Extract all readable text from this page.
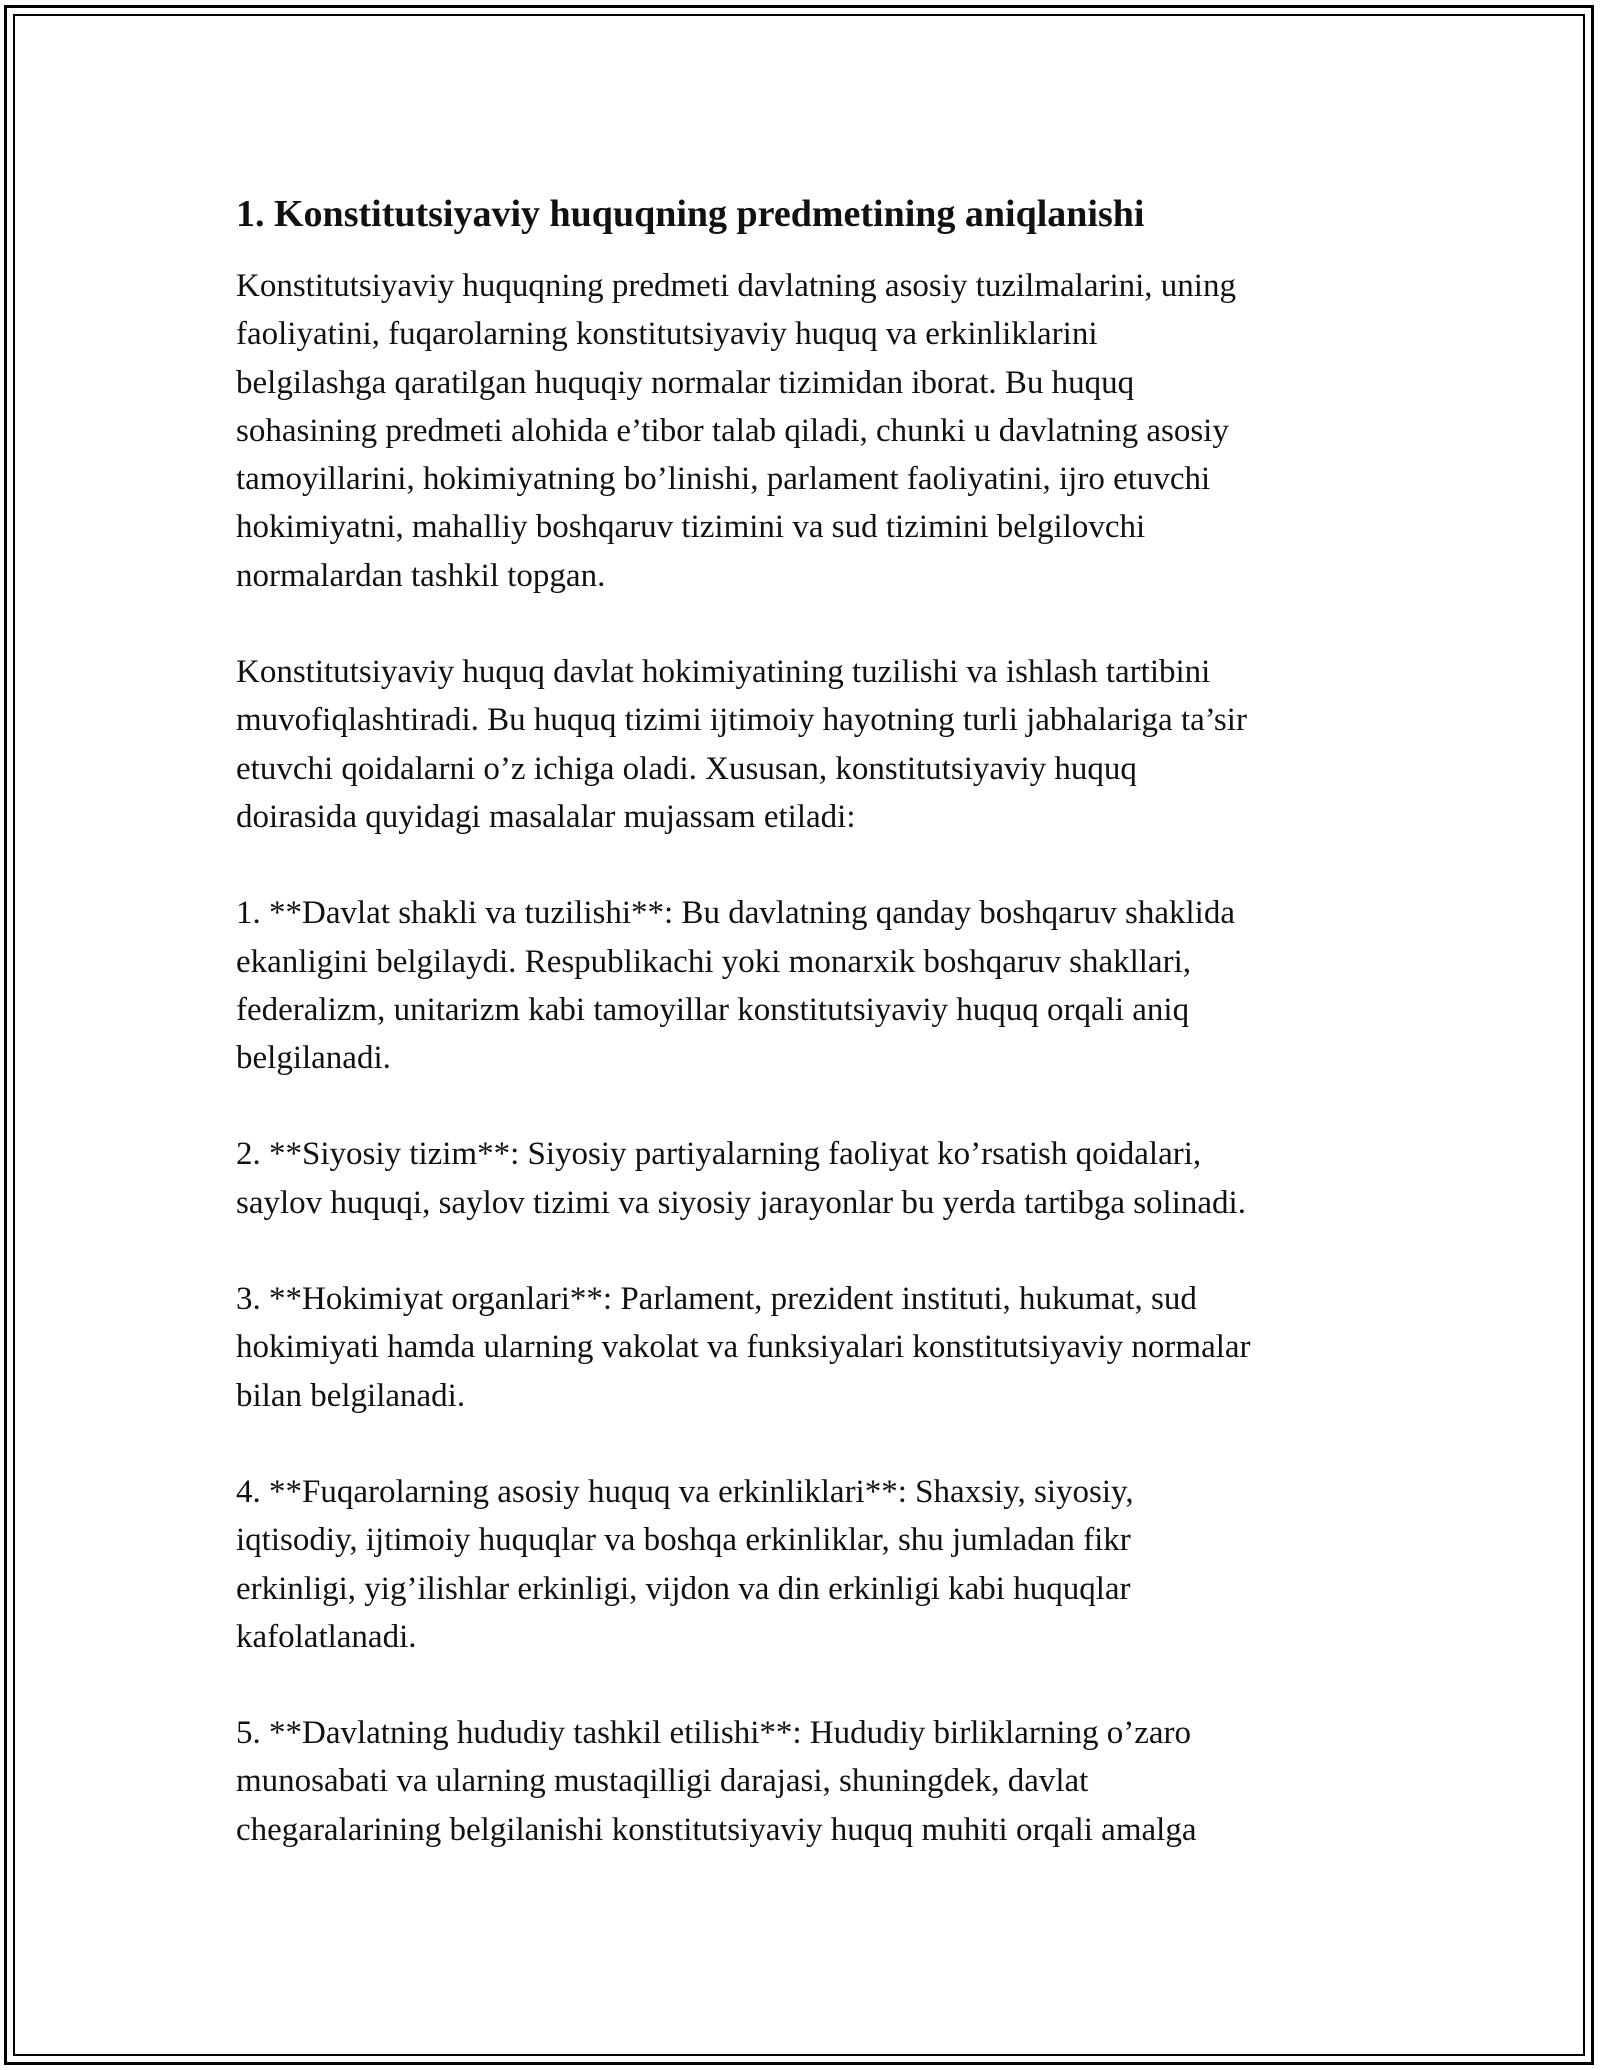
1. Konstitutsiyaviy huquqning predmetining aniqlanishi

Konstitutsiyaviy huquqning predmeti davlatning asosiy tuzilmalarini, uning
faoliyatini, fuqarolarning konstitutsiyaviy huquq va erkinliklarini
belgilashga qaratilgan huquqiy normalar tizimidan iborat. Bu huquq
sohasining predmeti alohida e’tibor talab qiladi, chunki u davlatning asosiy
tamoyillarini, hokimiyatning bo’linishi, parlament faoliyatini, ijro etuvchi
hokimiyatni, mahalliy boshqaruv tizimini va sud tizimini belgilovchi
normalardan tashkil topgan.

Konstitutsiyaviy huquq davlat hokimiyatining tuzilishi va ishlash tartibini
muvofiqlashtiradi. Bu huquq tizimi ijtimoiy hayotning turli jabhalariga ta’sir
etuvchi qoidalarni o’z ichiga oladi. Xususan, konstitutsiyaviy huquq
doirasida quyidagi masalalar mujassam etiladi:

1. **Davlat shakli va tuzilishi**: Bu davlatning qanday boshqaruv shaklida
ekanligini belgilaydi. Respublikachi yoki monarxik boshqaruv shakllari,
federalizm, unitarizm kabi tamoyillar konstitutsiyaviy huquq orqali aniq
belgilanadi.

2. **Siyosiy tizim**: Siyosiy partiyalarning faoliyat ko’rsatish qoidalari,
saylov huquqi, saylov tizimi va siyosiy jarayonlar bu yerda tartibga solinadi.

3. **Hokimiyat organlari**: Parlament, prezident instituti, hukumat, sud
hokimiyati hamda ularning vakolat va funksiyalari konstitutsiyaviy normalar
bilan belgilanadi.

4. **Fuqarolarning asosiy huquq va erkinliklari**: Shaxsiy, siyosiy,
iqtisodiy, ijtimoiy huquqlar va boshqa erkinliklar, shu jumladan fikr
erkinligi, yig’ilishlar erkinligi, vijdon va din erkinligi kabi huquqlar
kafolatlanadi.

5. **Davlatning hududiy tashkil etilishi**: Hududiy birliklarning o’zaro
munosabati va ularning mustaqilligi darajasi, shuningdek, davlat
chegaralarining belgilanishi konstitutsiyaviy huquq muhiti orqali amalga
